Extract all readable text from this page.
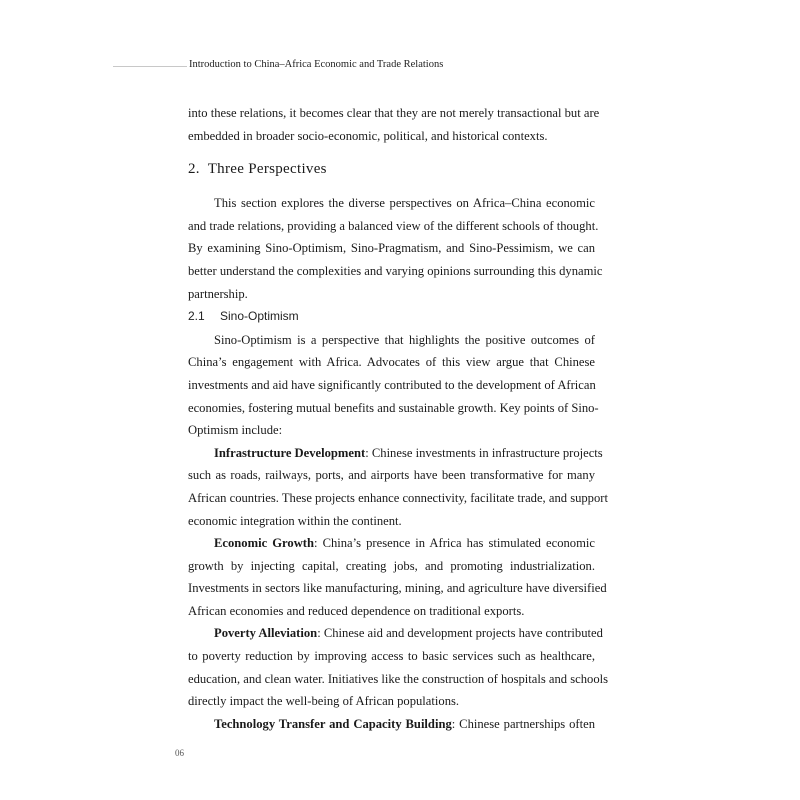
Introduction to China–Africa Economic and Trade Relations
into these relations, it becomes clear that they are not merely transactional but are
embedded in broader socio-economic, political, and historical contexts.
2. Three Perspectives
This section explores the diverse perspectives on Africa–China economic
and trade relations, providing a balanced view of the different schools of thought.
By examining Sino-Optimism, Sino-Pragmatism, and Sino-Pessimism, we can
better understand the complexities and varying opinions surrounding this dynamic
partnership.
2.1 Sino-Optimism
Sino-Optimism is a perspective that highlights the positive outcomes of
China’s engagement with Africa. Advocates of this view argue that Chinese
investments and aid have significantly contributed to the development of African
economies, fostering mutual benefits and sustainable growth. Key points of Sino-
Optimism include:
Infrastructure Development: Chinese investments in infrastructure projects
such as roads, railways, ports, and airports have been transformative for many
African countries. These projects enhance connectivity, facilitate trade, and support
economic integration within the continent.
Economic Growth: China’s presence in Africa has stimulated economic
growth by injecting capital, creating jobs, and promoting industrialization.
Investments in sectors like manufacturing, mining, and agriculture have diversified
African economies and reduced dependence on traditional exports.
Poverty Alleviation: Chinese aid and development projects have contributed
to poverty reduction by improving access to basic services such as healthcare,
education, and clean water. Initiatives like the construction of hospitals and schools
directly impact the well-being of African populations.
Technology Transfer and Capacity Building: Chinese partnerships often
06
